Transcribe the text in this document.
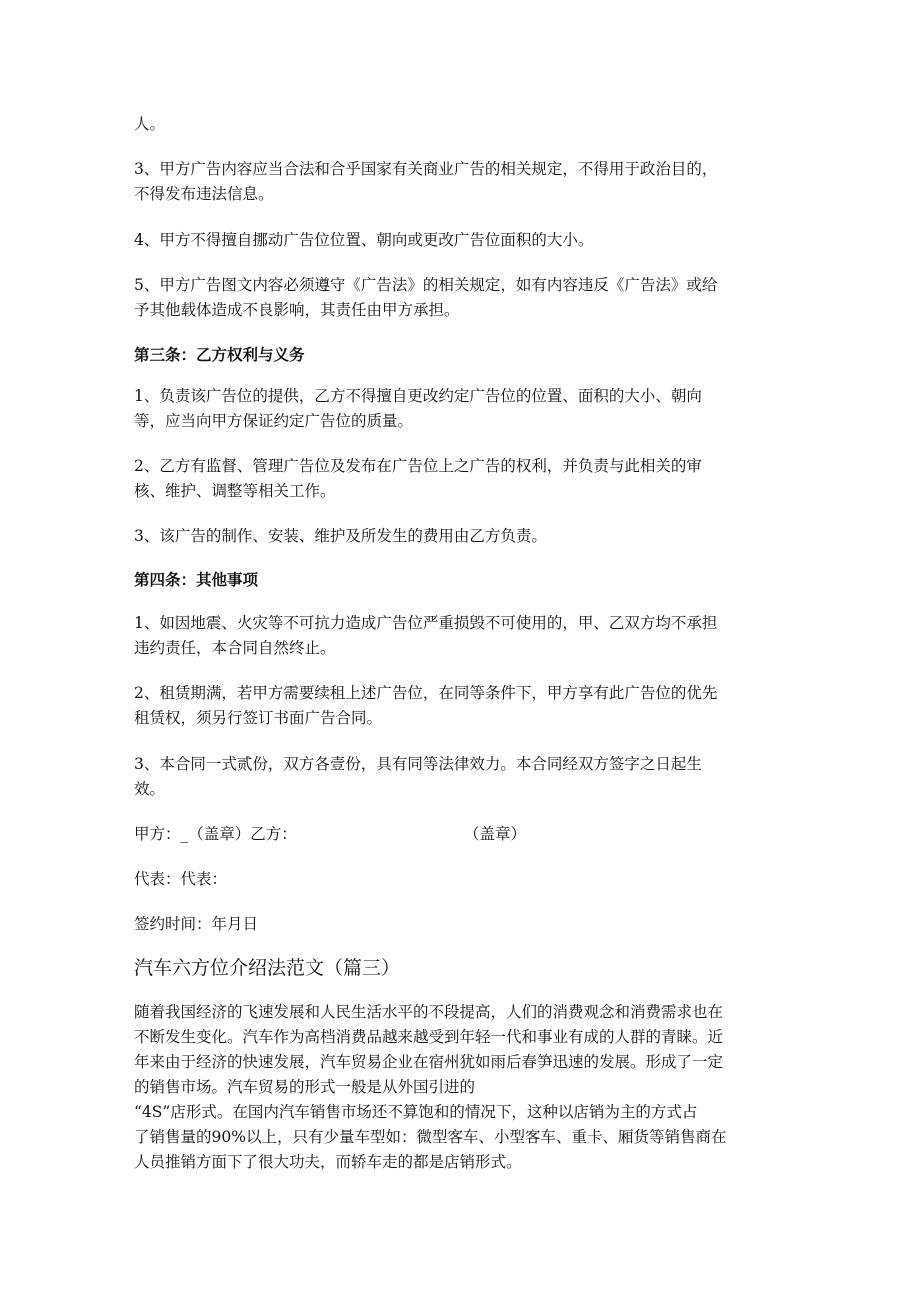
人。

3、甲方广告内容应当合法和合乎国家有关商业广告的相关规定，不得用于政治目的，
不得发布违法信息。

4、甲方不得擅自挪动广告位位置、朝向或更改广告位面积的大小。

5、甲方广告图文内容必须遵守《广告法》的相关规定，如有内容违反《广告法》或给
予其他载体造成不良影响，其责任由甲方承担。

第三条：乙方权利与义务

1、负责该广告位的提供，乙方不得擅自更改约定广告位的位置、面积的大小、朝向
等，应当向甲方保证约定广告位的质量。

2、乙方有监督、管理广告位及发布在广告位上之广告的权利，并负责与此相关的审
核、维护、调整等相关工作。

3、该广告的制作、安装、维护及所发生的费用由乙方负责。

第四条：其他事项

1、如因地震、火灾等不可抗力造成广告位严重损毁不可使用的，甲、乙双方均不承担
违约责任，本合同自然终止。

2、租赁期满，若甲方需要续租上述广告位，在同等条件下，甲方享有此广告位的优先
租赁权，须另行签订书面广告合同。

3、本合同一式贰份，双方各壹份，具有同等法律效力。本合同经双方签字之日起生
效。

甲方：_（盖章）乙方：	（盖章）

代表：代表：

签约时间：年月日

汽车六方位介绍法范文（篇三）

随着我国经济的飞速发展和人民生活水平的不段提高，人们的消费观念和消费需求也在
不断发生变化。汽车作为高档消费品越来越受到年轻一代和事业有成的人群的青睐。近
年来由于经济的快速发展，汽车贸易企业在宿州犹如雨后春笋迅速的发展。形成了一定
的销售市场。汽车贸易的形式一般是从外国引进的
“4S”店形式。在国内汽车销售市场还不算饱和的情况下，这种以店销为主的方式占
了销售量的90%以上，只有少量车型如：微型客车、小型客车、重卡、厢货等销售商在
人员推销方面下了很大功夫，而轿车走的都是店销形式。
